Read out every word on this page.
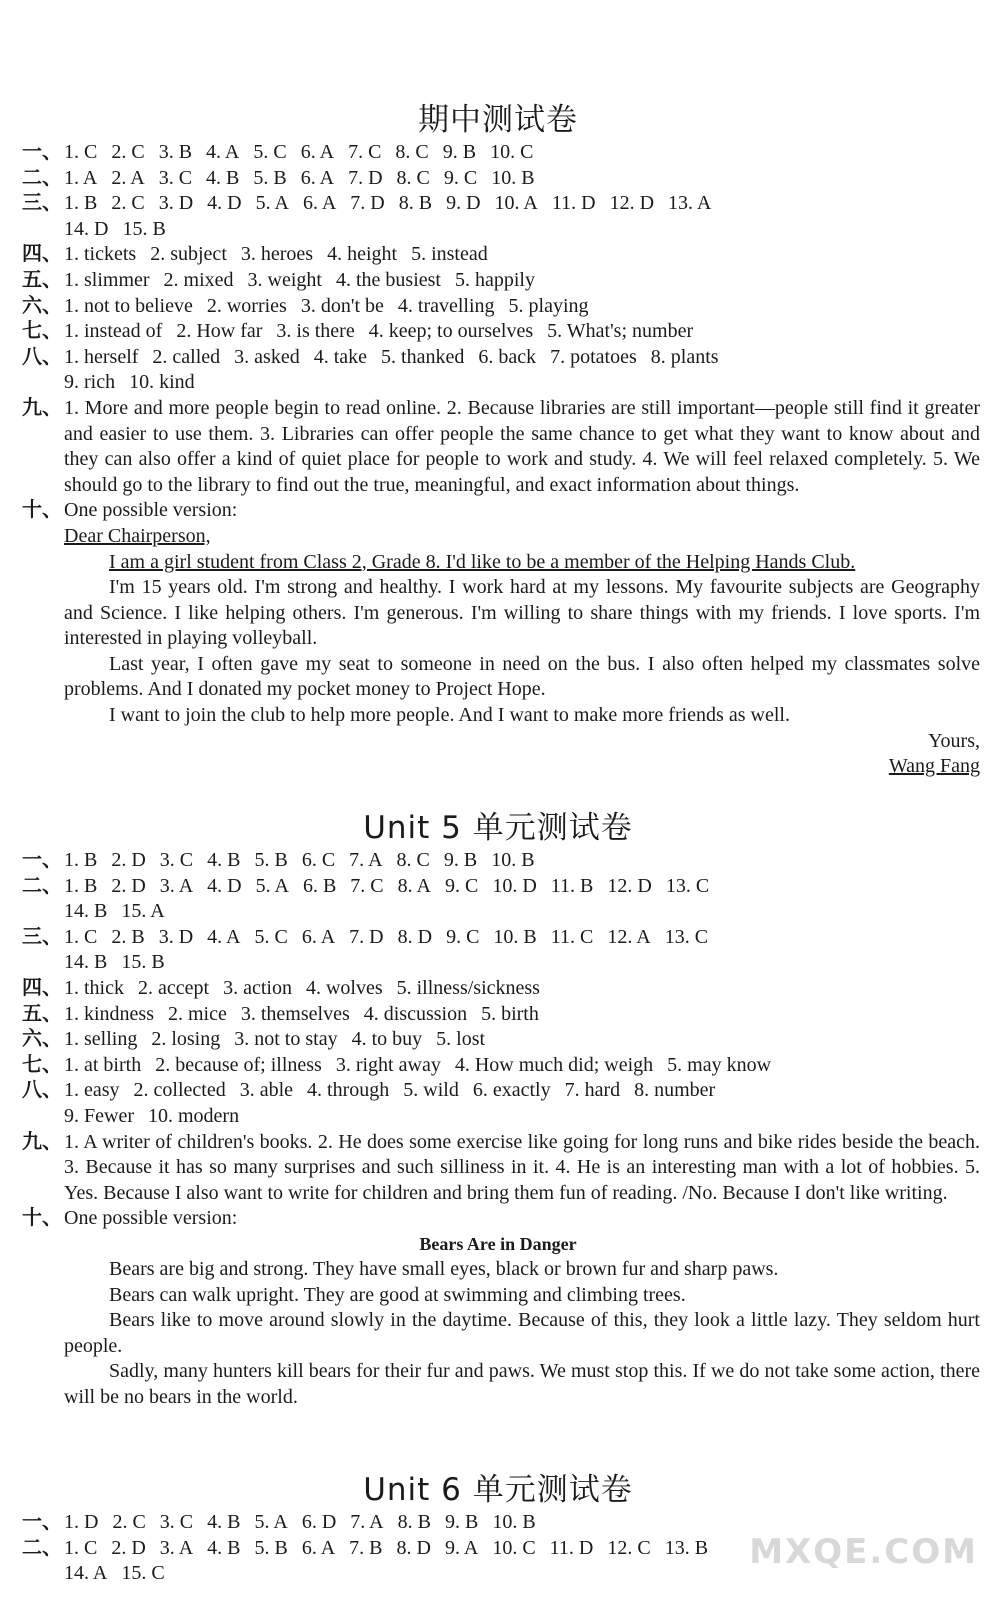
期中测试卷
一、 1. C 2. C 3. B 4. A 5. C 6. A 7. C 8. C 9. B 10. C
二、 1. A 2. A 3. C 4. B 5. B 6. A 7. D 8. C 9. C 10. B
三、 1. B 2. C 3. D 4. D 5. A 6. A 7. D 8. B 9. D 10. A 11. D 12. D 13. A
14. D 15. B
四、 1. tickets 2. subject 3. heroes 4. height 5. instead
五、 1. slimmer 2. mixed 3. weight 4. the busiest 5. happily
六、 1. not to believe 2. worries 3. don't be 4. travelling 5. playing
七、 1. instead of 2. How far 3. is there 4. keep; to ourselves 5. What's; number
八、 1. herself 2. called 3. asked 4. take 5. thanked 6. back 7. potatoes 8. plants
9. rich 10. kind
九、 1. More and more people begin to read online. 2. Because libraries are still important—people still find it greater and easier to use them. 3. Libraries can offer people the same chance to get what they want to know about and they can also offer a kind of quiet place for people to work and study. 4. We will feel relaxed completely. 5. We should go to the library to find out the true, meaningful, and exact information about things.
十、 One possible version:
Dear Chairperson,
I am a girl student from Class 2, Grade 8. I'd like to be a member of the Helping Hands Club.
I'm 15 years old. I'm strong and healthy. I work hard at my lessons. My favourite subjects are Geography and Science. I like helping others. I'm generous. I'm willing to share things with my friends. I love sports. I'm interested in playing volleyball.
Last year, I often gave my seat to someone in need on the bus. I also often helped my classmates solve problems. And I donated my pocket money to Project Hope.
I want to join the club to help more people. And I want to make more friends as well.
Yours,
Wang Fang
Unit 5 单元测试卷
一、 1. B 2. D 3. C 4. B 5. B 6. C 7. A 8. C 9. B 10. B
二、 1. B 2. D 3. A 4. D 5. A 6. B 7. C 8. A 9. C 10. D 11. B 12. D 13. C
14. B 15. A
三、 1. C 2. B 3. D 4. A 5. C 6. A 7. D 8. D 9. C 10. B 11. C 12. A 13. C
14. B 15. B
四、 1. thick 2. accept 3. action 4. wolves 5. illness/sickness
五、 1. kindness 2. mice 3. themselves 4. discussion 5. birth
六、 1. selling 2. losing 3. not to stay 4. to buy 5. lost
七、 1. at birth 2. because of; illness 3. right away 4. How much did; weigh 5. may know
八、 1. easy 2. collected 3. able 4. through 5. wild 6. exactly 7. hard 8. number
9. Fewer 10. modern
九、 1. A writer of children's books. 2. He does some exercise like going for long runs and bike rides beside the beach. 3. Because it has so many surprises and such silliness in it. 4. He is an interesting man with a lot of hobbies. 5. Yes. Because I also want to write for children and bring them fun of reading. /No. Because I don't like writing.
十、 One possible version:
Bears Are in Danger
Bears are big and strong. They have small eyes, black or brown fur and sharp paws.
Bears can walk upright. They are good at swimming and climbing trees.
Bears like to move around slowly in the daytime. Because of this, they look a little lazy. They seldom hurt people.
Sadly, many hunters kill bears for their fur and paws. We must stop this. If we do not take some action, there will be no bears in the world.
Unit 6 单元测试卷
一、 1. D 2. C 3. C 4. B 5. A 6. D 7. A 8. B 9. B 10. B
二、 1. C 2. D 3. A 4. B 5. B 6. A 7. B 8. D 9. A 10. C 11. D 12. C 13. B
14. A 15. C
MXQE.COM
